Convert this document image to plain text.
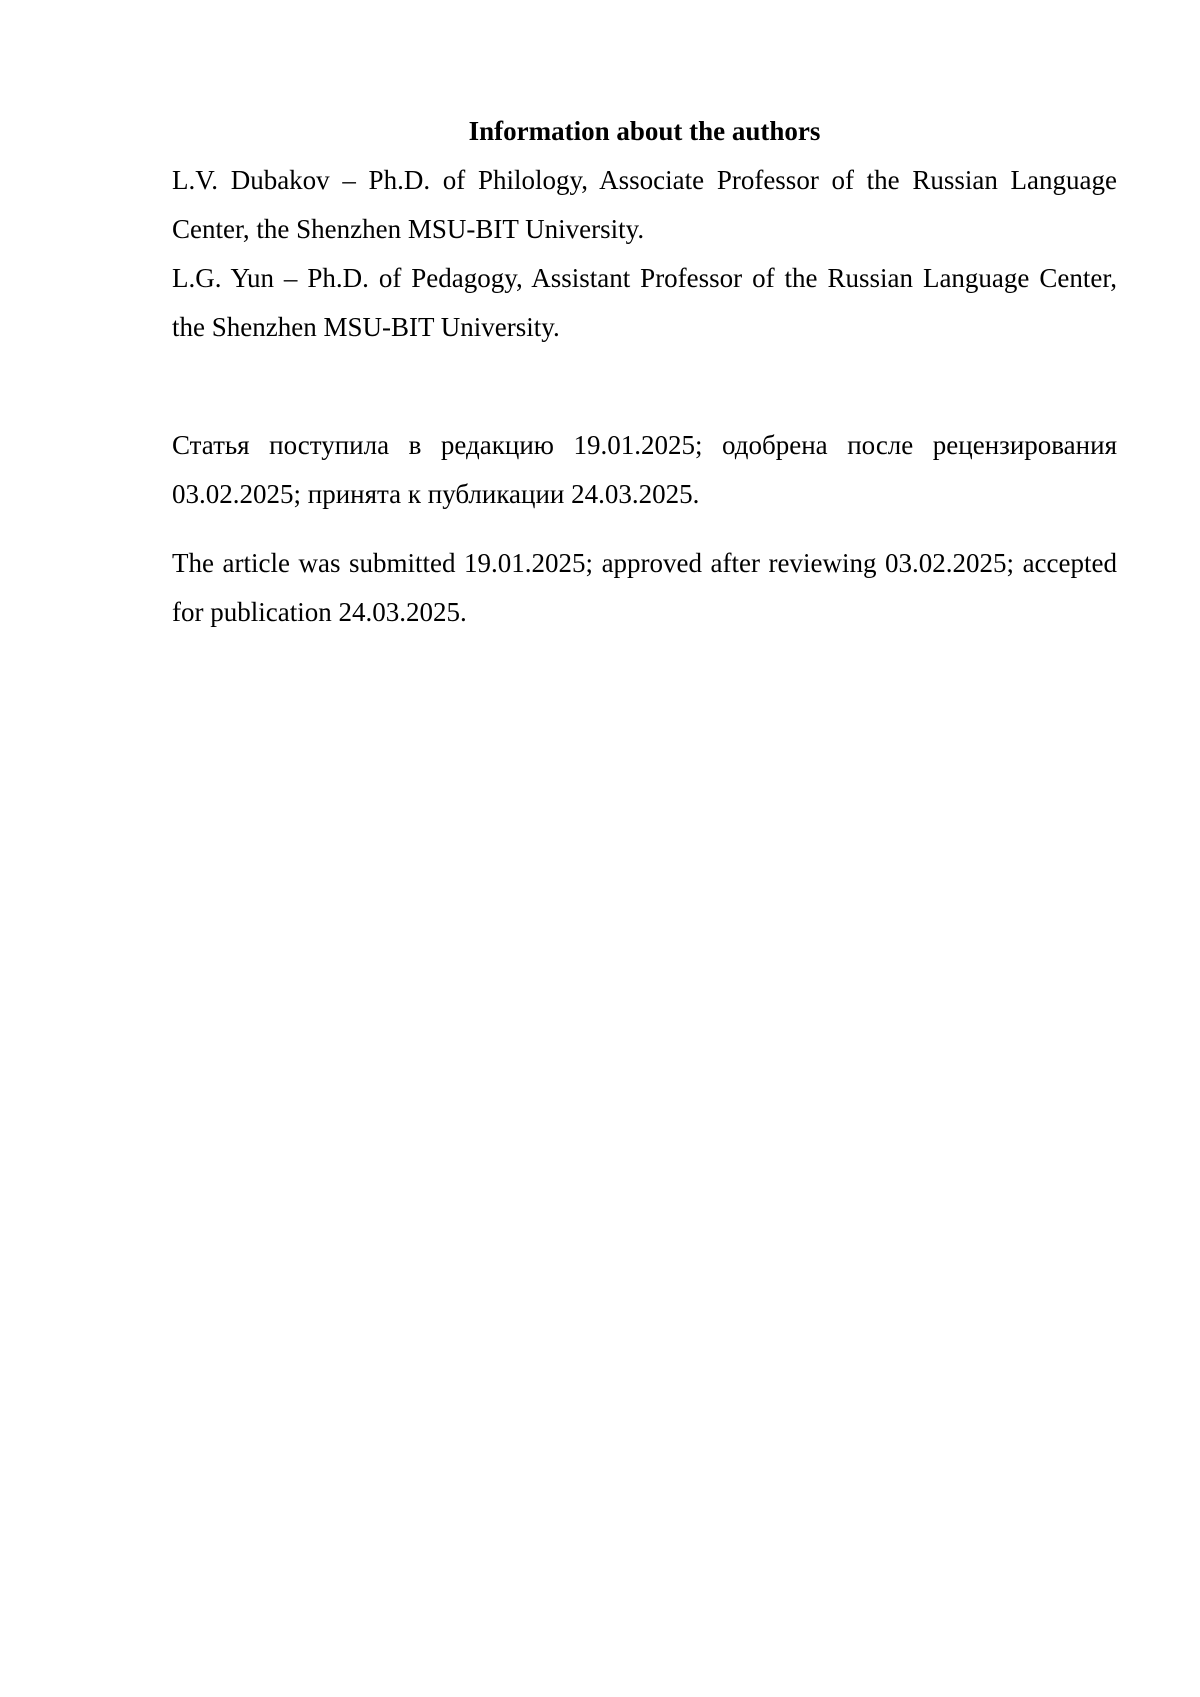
Information about the authors

L.V. Dubakov – Ph.D. of Philology, Associate Professor of the Russian Language Center, the Shenzhen MSU-BIT University.

L.G. Yun – Ph.D. of Pedagogy, Assistant Professor of the Russian Language Center, the Shenzhen MSU-BIT University.

Статья поступила в редакцию 19.01.2025; одобрена после рецензирования 03.02.2025; принята к публикации 24.03.2025.

The article was submitted 19.01.2025; approved after reviewing 03.02.2025; accepted for publication 24.03.2025.
